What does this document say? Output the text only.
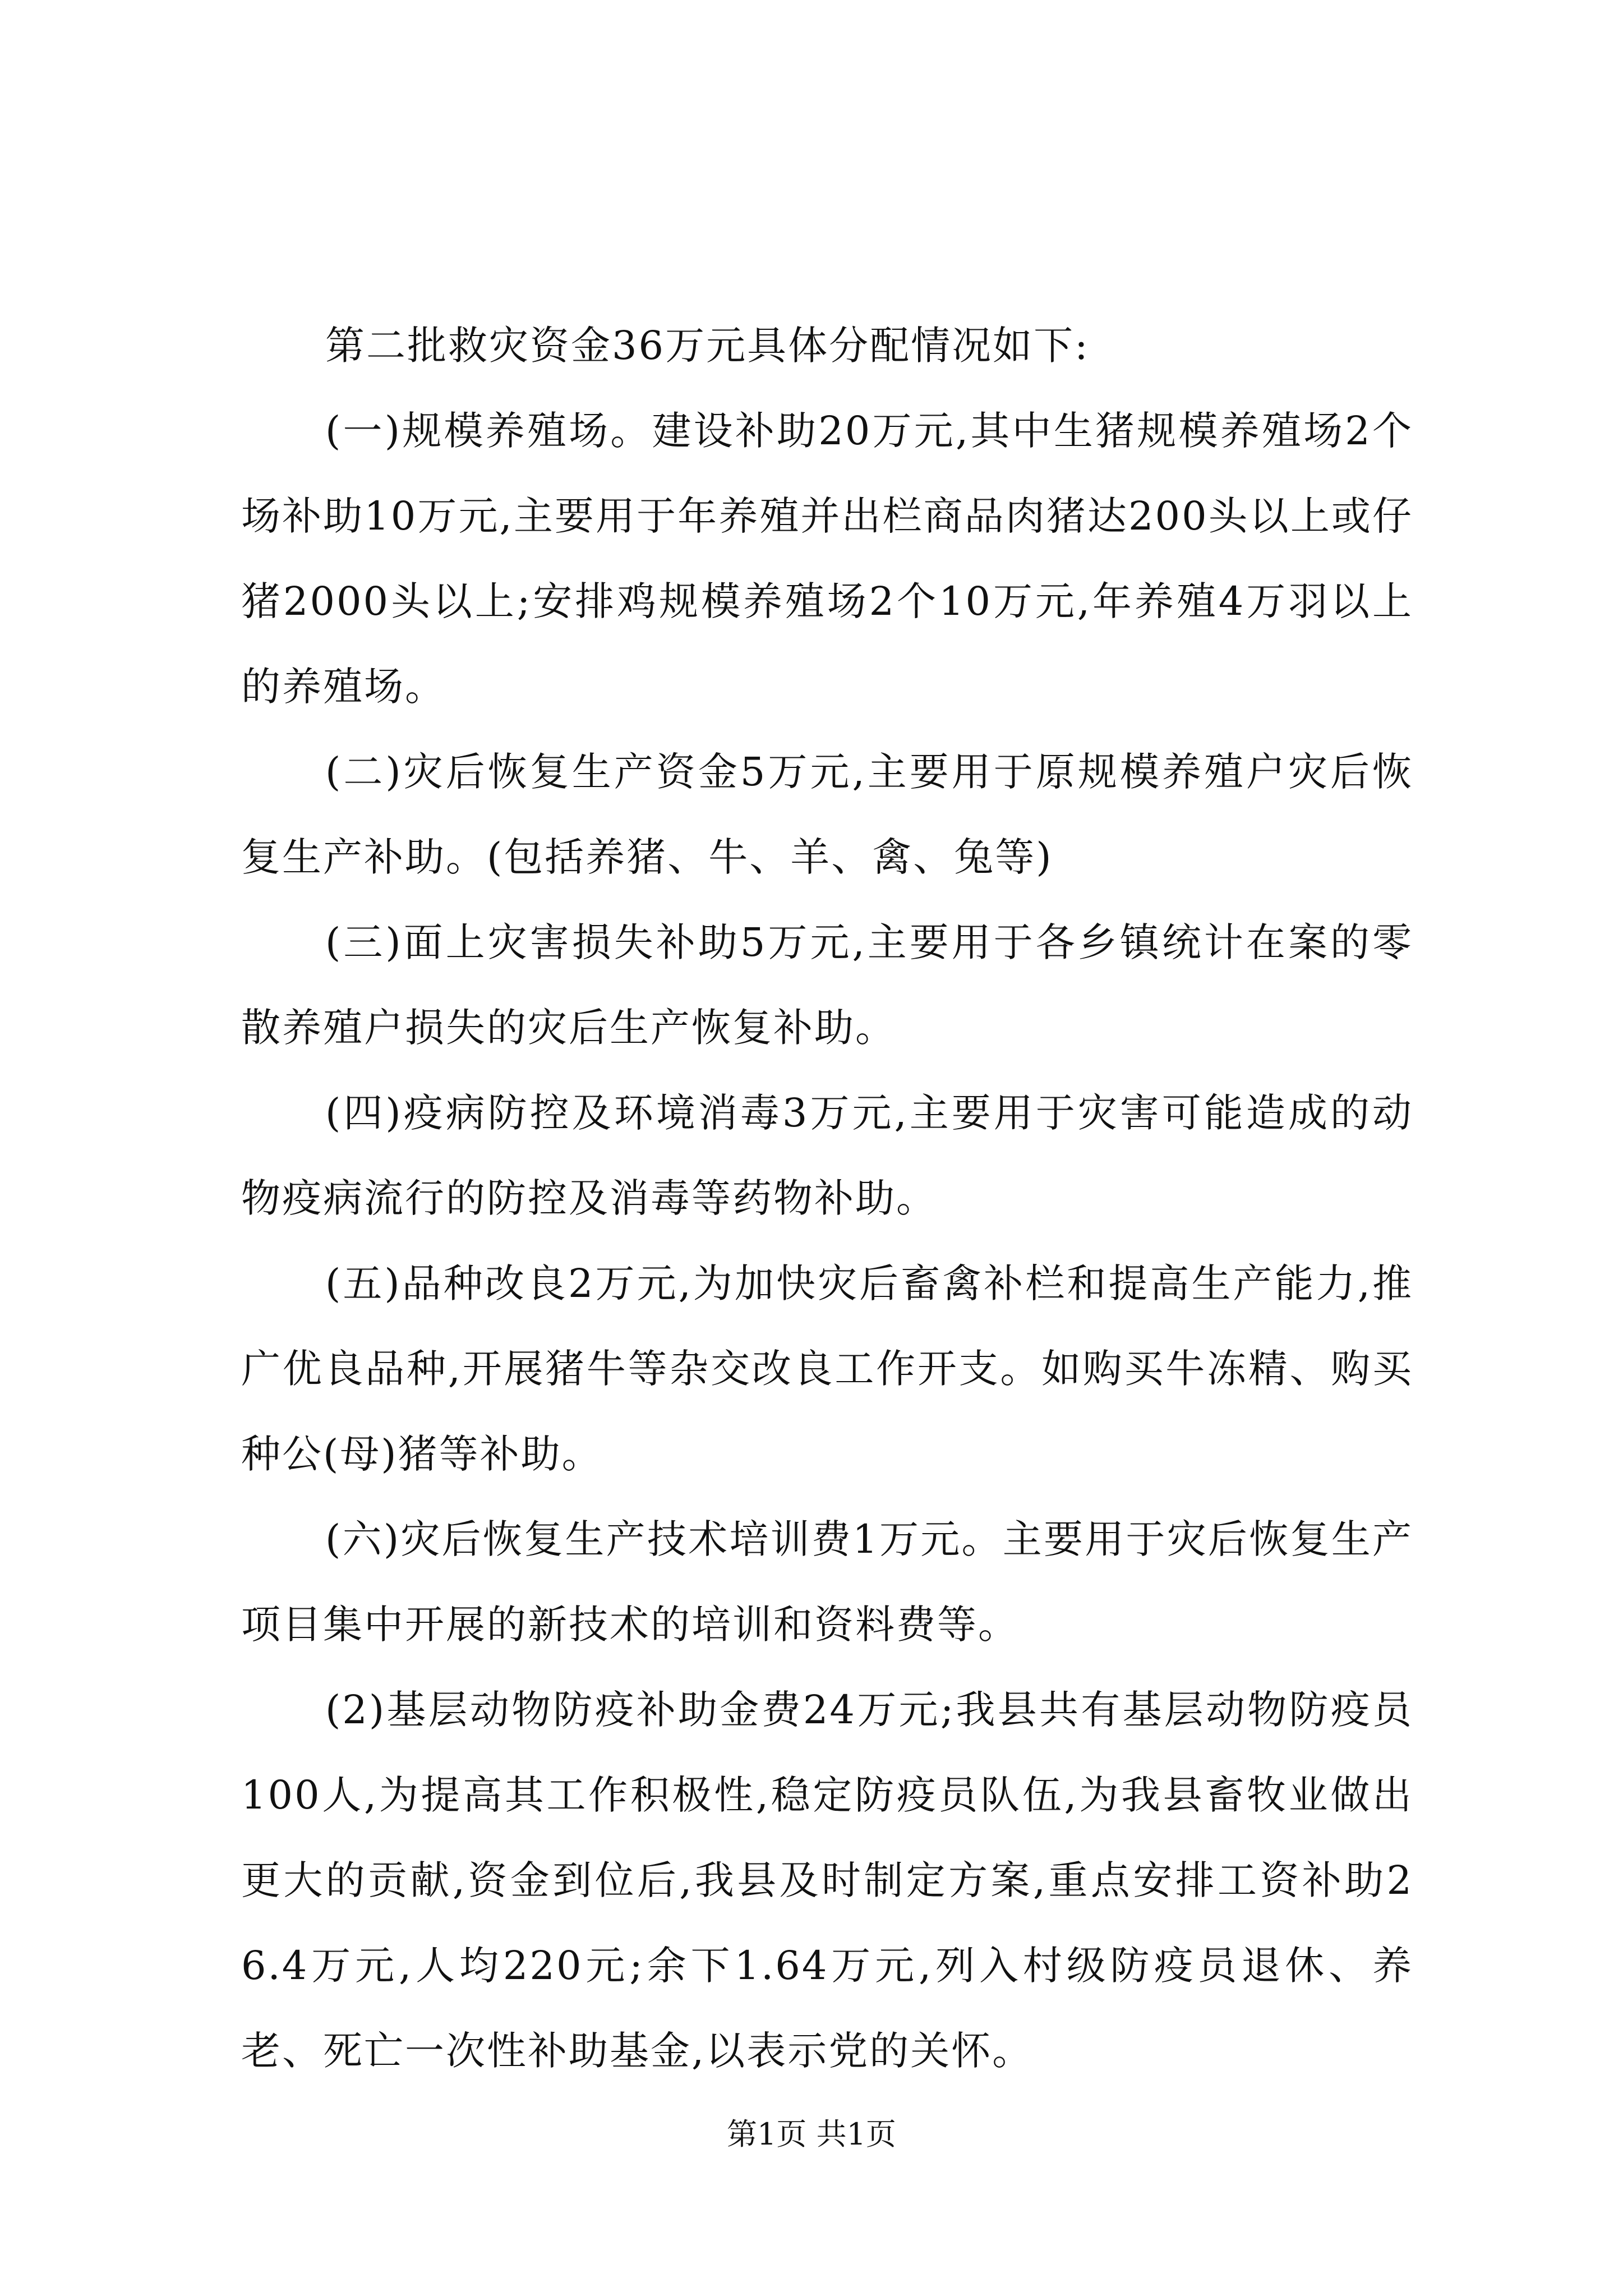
第二批救灾资金36万元具体分配情况如下:

(一)规模养殖场。建设补助20万元,其中生猪规模养殖场2个场补助10万元,主要用于年养殖并出栏商品肉猪达200头以上或仔猪2000头以上;安排鸡规模养殖场2个10万元,年养殖4万羽以上的养殖场。

(二)灾后恢复生产资金5万元,主要用于原规模养殖户灾后恢复生产补助。(包括养猪、牛、羊、禽、兔等)

(三)面上灾害损失补助5万元,主要用于各乡镇统计在案的零散养殖户损失的灾后生产恢复补助。

(四)疫病防控及环境消毒3万元,主要用于灾害可能造成的动物疫病流行的防控及消毒等药物补助。

(五)品种改良2万元,为加快灾后畜禽补栏和提高生产能力,推广优良品种,开展猪牛等杂交改良工作开支。如购买牛冻精、购买种公(母)猪等补助。

(六)灾后恢复生产技术培训费1万元。主要用于灾后恢复生产项目集中开展的新技术的培训和资料费等。

(2)基层动物防疫补助金费24万元;我县共有基层动物防疫员100人,为提高其工作积极性,稳定防疫员队伍,为我县畜牧业做出更大的贡献,资金到位后,我县及时制定方案,重点安排工资补助26.4万元,人均220元;余下1.64万元,列入村级防疫员退休、养老、死亡一次性补助基金,以表示党的关怀。

第1页 共1页
